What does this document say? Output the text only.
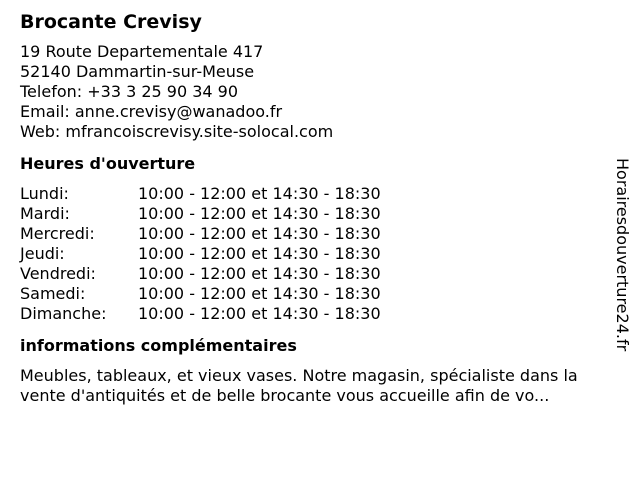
Brocante Crevisy
19 Route Departementale 417
52140 Dammartin-sur-Meuse
Telefon: +33 3 25 90 34 90
Email: anne.crevisy@wanadoo.fr
Web: mfrancoiscrevisy.site-solocal.com
Heures d'ouverture
Lundi:	10:00 - 12:00 et 14:30 - 18:30
Mardi:	10:00 - 12:00 et 14:30 - 18:30
Mercredi:	10:00 - 12:00 et 14:30 - 18:30
Jeudi:	10:00 - 12:00 et 14:30 - 18:30
Vendredi:	10:00 - 12:00 et 14:30 - 18:30
Samedi:	10:00 - 12:00 et 14:30 - 18:30
Dimanche:	10:00 - 12:00 et 14:30 - 18:30
informations complémentaires
Meubles, tableaux, et vieux vases. Notre magasin, spécialiste dans la vente d'antiquités et de belle brocante vous accueille afin de vo...
Horairesdouverture24.fr
